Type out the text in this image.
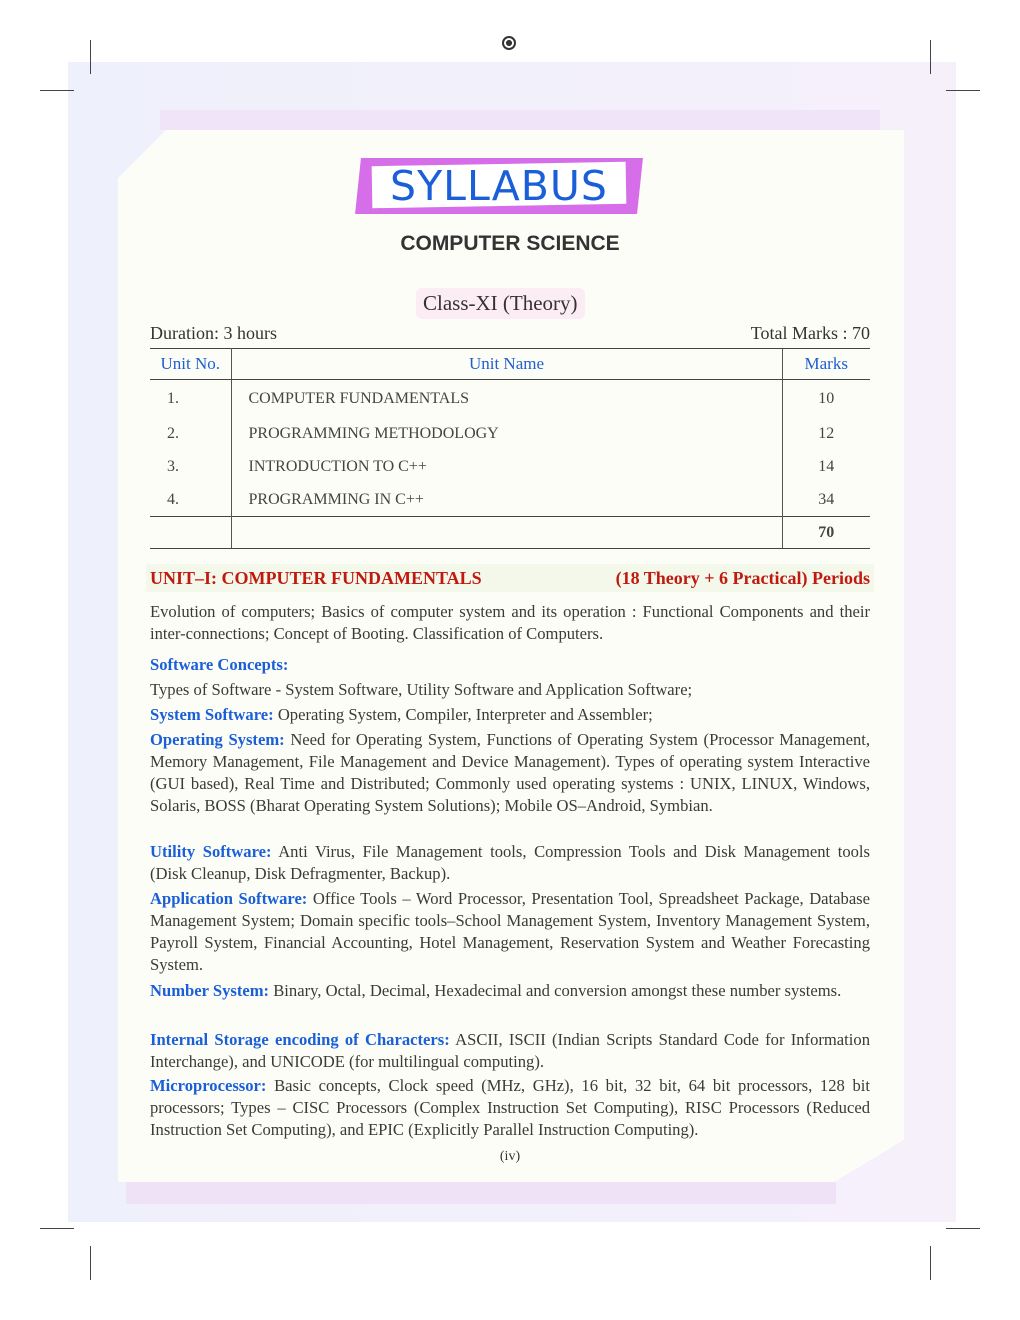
SYLLABUS
COMPUTER SCIENCE
Class-XI (Theory)
Duration: 3 hours	Total Marks : 70
Unit No.	Unit Name	Marks
1.	COMPUTER FUNDAMENTALS	10
2.	PROGRAMMING METHODOLOGY	12
3.	INTRODUCTION TO C++	14
4.	PROGRAMMING IN C++	34
		70
UNIT–I: COMPUTER FUNDAMENTALS	(18 Theory + 6 Practical) Periods
Evolution of computers; Basics of computer system and its operation : Functional Components and their inter-connections; Concept of Booting. Classification of Computers.
Software Concepts:
Types of Software - System Software, Utility Software and Application Software;
System Software: Operating System, Compiler, Interpreter and Assembler;
Operating System: Need for Operating System, Functions of Operating System (Processor Management, Memory Management, File Management and Device Management). Types of operating system Interactive (GUI based), Real Time and Distributed; Commonly used operating systems : UNIX, LINUX, Windows, Solaris, BOSS (Bharat Operating System Solutions); Mobile OS–Android, Symbian.
Utility Software: Anti Virus, File Management tools, Compression Tools and Disk Management tools (Disk Cleanup, Disk Defragmenter, Backup).
Application Software: Office Tools – Word Processor, Presentation Tool, Spreadsheet Package, Database Management System; Domain specific tools–School Management System, Inventory Management System, Payroll System, Financial Accounting, Hotel Management, Reservation System and Weather Forecasting System.
Number System: Binary, Octal, Decimal, Hexadecimal and conversion amongst these number systems.
Internal Storage encoding of Characters: ASCII, ISCII (Indian Scripts Standard Code for Information Interchange), and UNICODE (for multilingual computing).
Microprocessor: Basic concepts, Clock speed (MHz, GHz), 16 bit, 32 bit, 64 bit processors, 128 bit processors; Types – CISC Processors (Complex Instruction Set Computing), RISC Processors (Reduced Instruction Set Computing), and EPIC (Explicitly Parallel Instruction Computing).
(iv)
